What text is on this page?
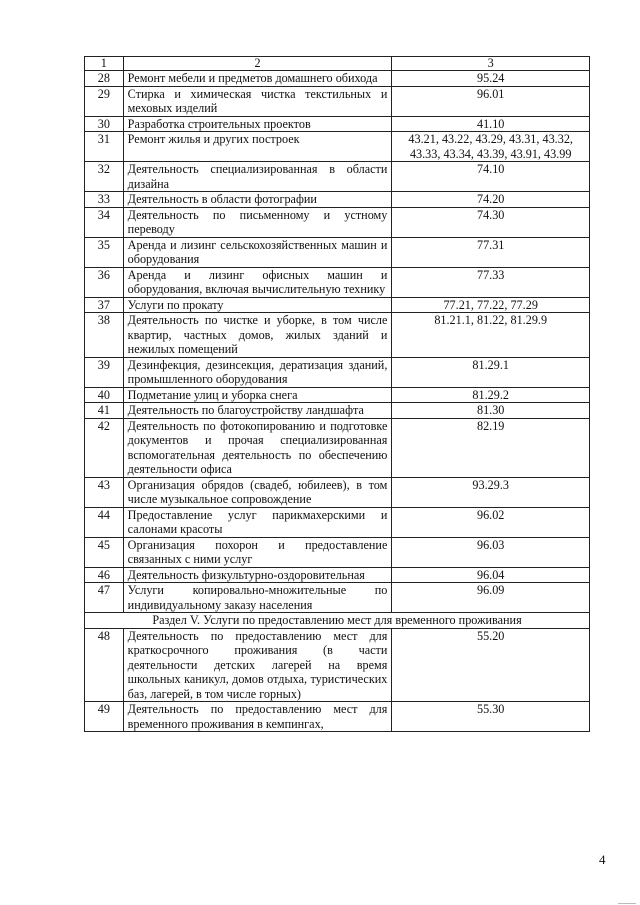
1	2	3
28	Ремонт мебели и предметов домашнего обихода	95.24
29	Стирка и химическая чистка текстильных и меховых изделий	96.01
30	Разработка строительных проектов	41.10
31	Ремонт жилья и других построек	43.21, 43.22, 43.29, 43.31, 43.32, 43.33, 43.34, 43.39, 43.91, 43.99
32	Деятельность специализированная в области дизайна	74.10
33	Деятельность в области фотографии	74.20
34	Деятельность по письменному и устному переводу	74.30
35	Аренда и лизинг сельскохозяйственных машин и оборудования	77.31
36	Аренда и лизинг офисных машин и оборудования, включая вычислительную технику	77.33
37	Услуги по прокату	77.21, 77.22, 77.29
38	Деятельность по чистке и уборке, в том числе квартир, частных домов, жилых зданий и нежилых помещений	81.21.1, 81.22, 81.29.9
39	Дезинфекция, дезинсекция, дератизация зданий, промышленного оборудования	81.29.1
40	Подметание улиц и уборка снега	81.29.2
41	Деятельность по благоустройству ландшафта	81.30
42	Деятельность по фотокопированию и подготовке документов и прочая специализированная вспомогательная деятельность по обеспечению деятельности офиса	82.19
43	Организация обрядов (свадеб, юбилеев), в том числе музыкальное сопровождение	93.29.3
44	Предоставление услуг парикмахерскими и салонами красоты	96.02
45	Организация похорон и предоставление связанных с ними услуг	96.03
46	Деятельность физкультурно-оздоровительная	96.04
47	Услуги копировально-множительные по индивидуальному заказу населения	96.09
Раздел V. Услуги по предоставлению мест для временного проживания		
48	Деятельность по предоставлению мест для краткосрочного проживания (в части деятельности детских лагерей на время школьных каникул, домов отдыха, туристических баз, лагерей, в том числе горных)	55.20
49	Деятельность по предоставлению мест для временного проживания в кемпингах,	55.30
4
